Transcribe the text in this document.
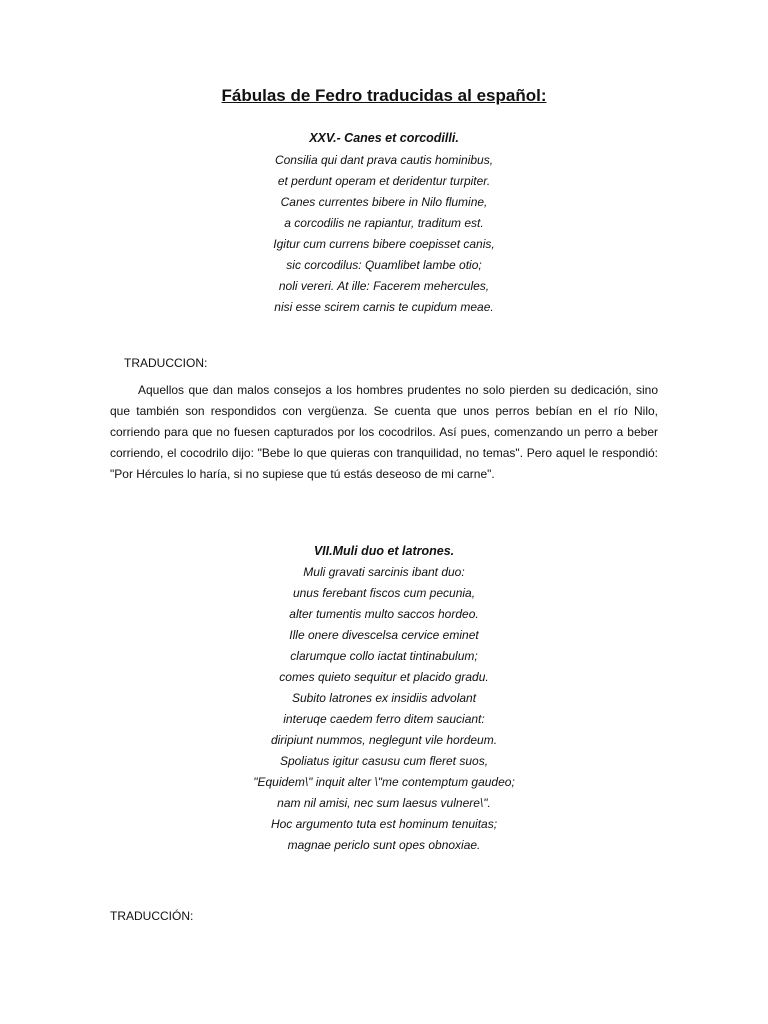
Fábulas de Fedro traducidas al español:
XXV.- Canes et corcodilli.
Consilia qui dant prava cautis hominibus,
et perdunt operam et deridentur turpiter.
Canes currentes bibere in Nilo flumine,
a corcodilis ne rapiantur, traditum est.
Igitur cum currens bibere coepisset canis,
sic corcodilus: Quamlibet lambe otio;
noli vereri. At ille: Facerem mehercules,
nisi esse scirem carnis te cupidum meae.

TRADUCCION:

Aquellos que dan malos consejos a los hombres prudentes no solo pierden su dedicación, sino que también son respondidos con vergüenza. Se cuenta que unos perros bebían en el río Nilo, corriendo para que no fuesen capturados por los cocodrilos. Así pues, comenzando un perro a beber corriendo, el cocodrilo dijo: "Bebe lo que quieras con tranquilidad, no temas". Pero aquel le respondió: "Por Hércules lo haría, si no supiese que tú estás deseoso de mi carne".

VII.Muli duo et latrones.
Muli gravati sarcinis ibant duo:
unus ferebant fiscos cum pecunia,
alter tumentis multo saccos hordeo.
Ille onere divescelsa cervice eminet
clarumque collo iactat tintinabulum;
comes quieto sequitur et placido gradu.
Subito latrones ex insidiis advolant
interuqe caedem ferro ditem sauciant:
diripiunt nummos, neglegunt vile hordeum.
Spoliatus igitur casusu cum fleret suos,
"Equidem\" inquit alter \"me contemptum gaudeo;
nam nil amisi, nec sum laesus vulnere\".
Hoc argumento tuta est hominum tenuitas;
magnae periclo sunt opes obnoxiae.

TRADUCCIÓN:
